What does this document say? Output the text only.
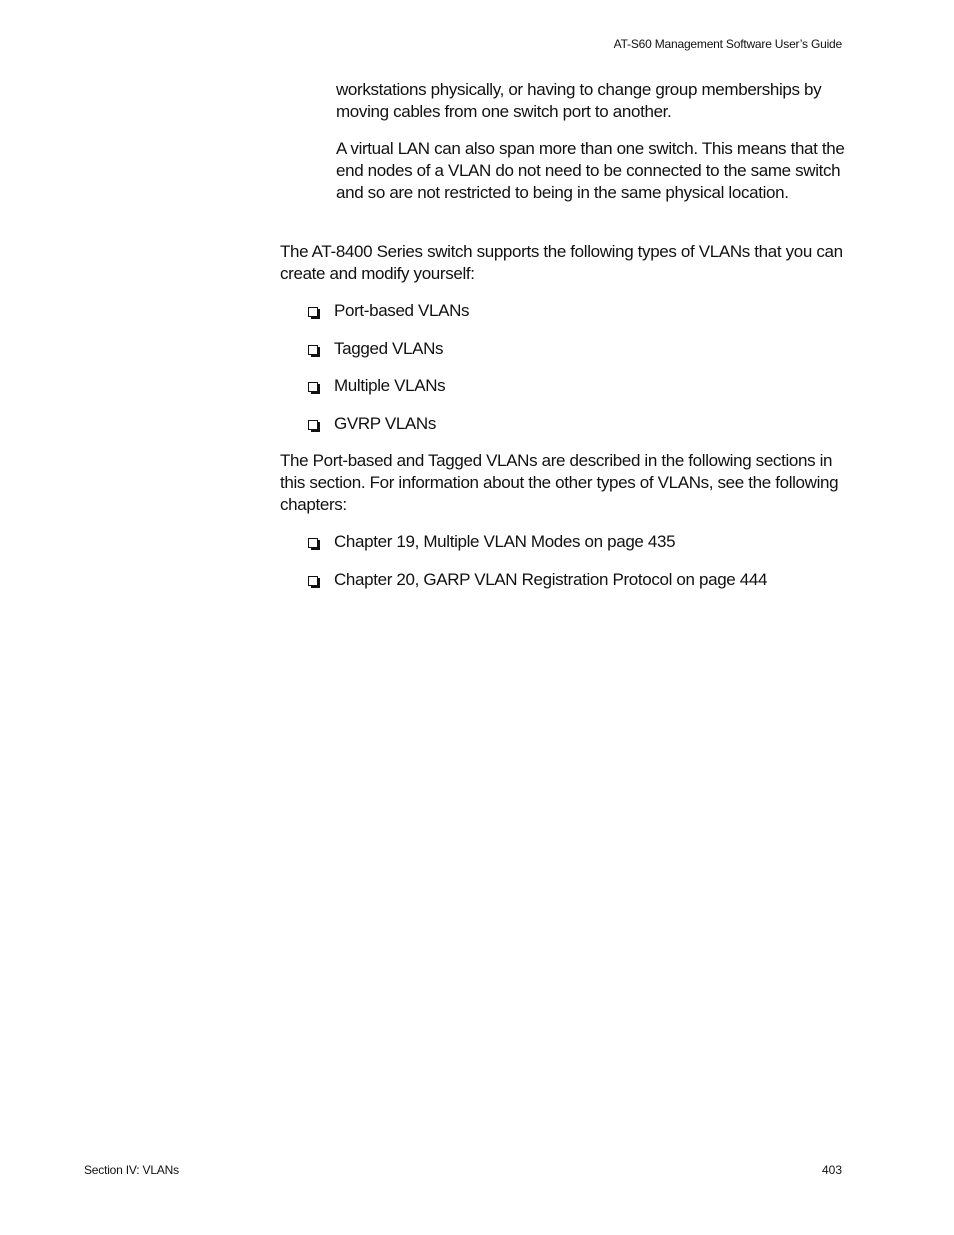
AT-S60 Management Software User’s Guide

workstations physically, or having to change group memberships by moving cables from one switch port to another.

A virtual LAN can also span more than one switch. This means that the end nodes of a VLAN do not need to be connected to the same switch and so are not restricted to being in the same physical location.

The AT-8400 Series switch supports the following types of VLANs that you can create and modify yourself:

Port-based VLANs
Tagged VLANs
Multiple VLANs
GVRP VLANs

The Port-based and Tagged VLANs are described in the following sections in this section. For information about the other types of VLANs, see the following chapters:

Chapter 19, Multiple VLAN Modes on page 435
Chapter 20, GARP VLAN Registration Protocol on page 444
Section IV: VLANs	403
